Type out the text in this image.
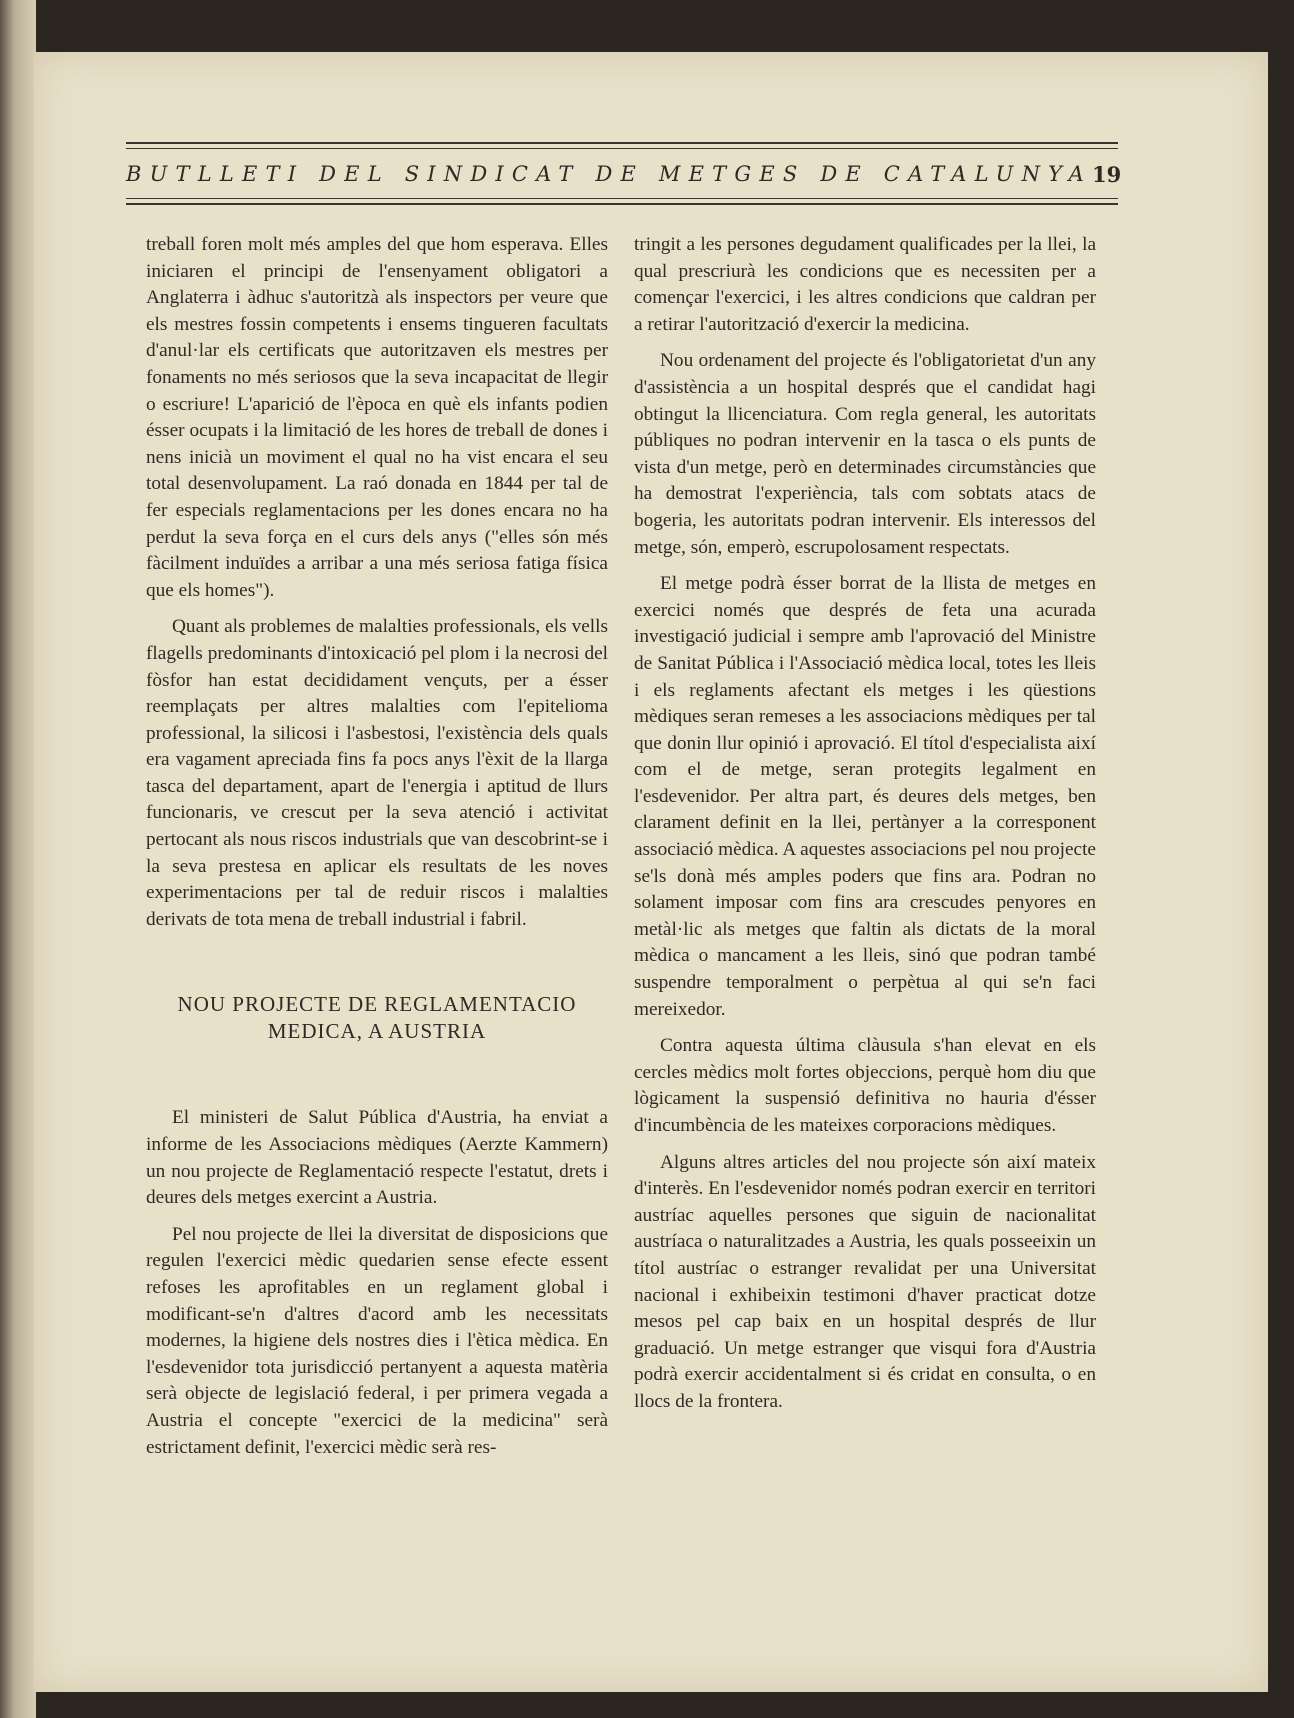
BUTLLETI DEL SINDICAT DE METGES DE CATALUNYA 19

treball foren molt més amples del que hom esperava. Elles iniciaren el principi de l'ensenyament obligatori a Anglaterra i àdhuc s'autoritzà als inspectors per veure que els mestres fossin competents i ensems tingueren facultats d'anul·lar els certificats que autoritzaven els mestres per fonaments no més seriosos que la seva incapacitat de llegir o escriure! L'aparició de l'època en què els infants podien ésser ocupats i la limitació de les hores de treball de dones i nens inicià un moviment el qual no ha vist encara el seu total desenvolupament. La raó donada en 1844 per tal de fer especials reglamentacions per les dones encara no ha perdut la seva força en el curs dels anys ("elles són més fàcilment induïdes a arribar a una més seriosa fatiga física que els homes").

Quant als problemes de malalties professionals, els vells flagells predominants d'intoxicació pel plom i la necrosi del fòsfor han estat decididament vençuts, per a ésser reemplaçats per altres malalties com l'epitelioma professional, la silicosi i l'asbestosi, l'existència dels quals era vagament apreciada fins fa pocs anys l'èxit de la llarga tasca del departament, apart de l'energia i aptitud de llurs funcionaris, ve crescut per la seva atenció i activitat pertocant als nous riscos industrials que van descobrint-se i la seva prestesa en aplicar els resultats de les noves experimentacions per tal de reduir riscos i malalties derivats de tota mena de treball industrial i fabril.

NOU PROJECTE DE REGLAMENTACIO
MEDICA, A AUSTRIA

El ministeri de Salut Pública d'Austria, ha enviat a informe de les Associacions mèdiques (Aerzte Kammern) un nou projecte de Reglamentació respecte l'estatut, drets i deures dels metges exercint a Austria.

Pel nou projecte de llei la diversitat de disposicions que regulen l'exercici mèdic quedarien sense efecte essent refoses les aprofitables en un reglament global i modificant-se'n d'altres d'acord amb les necessitats modernes, la higiene dels nostres dies i l'ètica mèdica. En l'esdevenidor tota jurisdicció pertanyent a aquesta matèria serà objecte de legislació federal, i per primera vegada a Austria el concepte "exercici de la medicina" serà estrictament definit, l'exercici mèdic serà res-

tringit a les persones degudament qualificades per la llei, la qual prescriurà les condicions que es necessiten per a començar l'exercici, i les altres condicions que caldran per a retirar l'autorització d'exercir la medicina.

Nou ordenament del projecte és l'obligatorietat d'un any d'assistència a un hospital després que el candidat hagi obtingut la llicenciatura. Com regla general, les autoritats públiques no podran intervenir en la tasca o els punts de vista d'un metge, però en determinades circumstàncies que ha demostrat l'experiència, tals com sobtats atacs de bogeria, les autoritats podran intervenir. Els interessos del metge, són, emperò, escrupolosament respectats.

El metge podrà ésser borrat de la llista de metges en exercici només que després de feta una acurada investigació judicial i sempre amb l'aprovació del Ministre de Sanitat Pública i l'Associació mèdica local, totes les lleis i els reglaments afectant els metges i les qüestions mèdiques seran remeses a les associacions mèdiques per tal que donin llur opinió i aprovació. El títol d'especialista així com el de metge, seran protegits legalment en l'esdevenidor. Per altra part, és deures dels metges, ben clarament definit en la llei, pertànyer a la corresponent associació mèdica. A aquestes associacions pel nou projecte se'ls donà més amples poders que fins ara. Podran no solament imposar com fins ara crescudes penyores en metàl·lic als metges que faltin als dictats de la moral mèdica o mancament a les lleis, sinó que podran també suspendre temporalment o perpètua al qui se'n faci mereixedor.

Contra aquesta última clàusula s'han elevat en els cercles mèdics molt fortes objeccions, perquè hom diu que lògicament la suspensió definitiva no hauria d'ésser d'incumbència de les mateixes corporacions mèdiques.

Alguns altres articles del nou projecte són així mateix d'interès. En l'esdevenidor només podran exercir en territori austríac aquelles persones que siguin de nacionalitat austríaca o naturalitzades a Austria, les quals posseeixin un títol austríac o estranger revalidat per una Universitat nacional i exhibeixin testimoni d'haver practicat dotze mesos pel cap baix en un hospital després de llur graduació. Un metge estranger que visqui fora d'Austria podrà exercir accidentalment si és cridat en consulta, o en llocs de la frontera.
